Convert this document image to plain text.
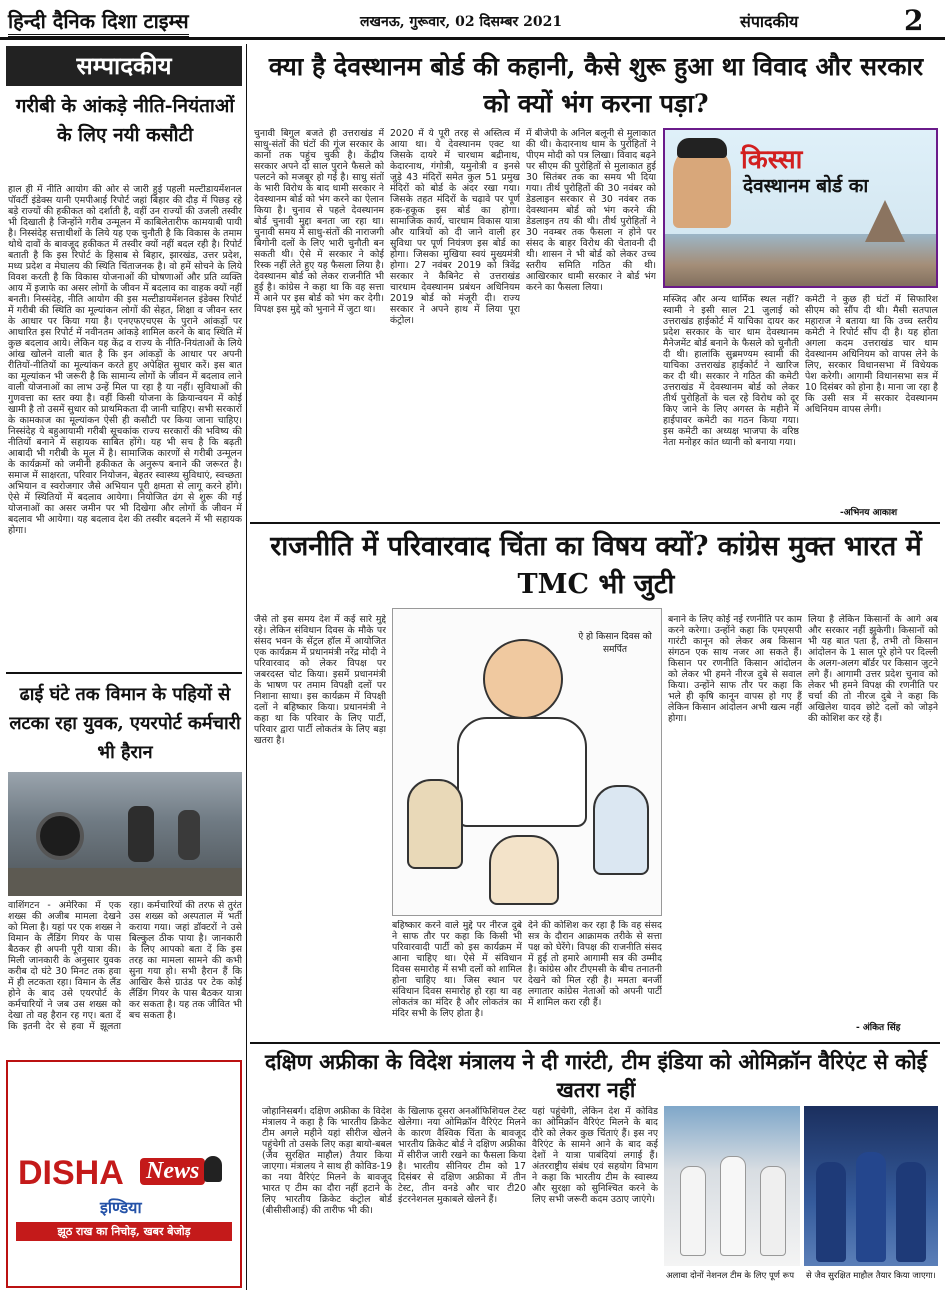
हिन्दी दैनिक दिशा टाइम्स	लखनऊ, गुरूवार, 02 दिसम्बर 2021	संपादकीय	2
सम्पादकीय
गरीबी के आंकड़े नीति-नियंताओं के लिए नयी कसौटी
हाल ही में नीति आयोग की ओर से जारी हुई पहली मल्टीडायमेंशनल पॉवर्टी इंडेक्स यानी एमपीआई रिपोर्ट जहां बिहार की दौड़ में पिछड़ रहे बड़े राज्यों की हकीकत को दर्शाती है, वहीं उन राज्यों की उजली तस्वीर भी दिखाती है जिन्होंने गरीब उन्मूलन में काबिलेतारीफ कामयाबी पायी है। निस्संदेह सत्ताधीशों के लिये यह एक चुनौती है कि विकास के तमाम थोथे दावों के बावजूद हकीकत में तस्वीर क्यों नहीं बदल रही है। रिपोर्ट बताती है कि इस रिपोर्ट के हिसाब से बिहार, झारखंड, उत्तर प्रदेश, मध्य प्रदेश व मेघालय की स्थिति चिंताजनक है। वो हमें सोचने के लिये विवश करती है कि विकास योजनाओं की घोषणाओं और प्रति व्यक्ति आय में इजाफे का असर लोगों के जीवन में बदलाव का वाहक क्यों नहीं बनती। निस्संदेह, नीति आयोग की इस मल्टीडायमेंशनल इंडेक्स रिपोर्ट में गरीबी की स्थिति का मूल्यांकन लोगों की सेहत, शिक्षा व जीवन स्तर के आधार पर किया गया है। एनएफएचएस के पुराने आंकड़ों पर आधारित इस रिपोर्ट में नवीनतम आंकड़े शामिल करने के बाद स्थिति में कुछ बदलाव आये। लेकिन यह केंद्र व राज्य के नीति-नियंताओं के लिये आंख खोलने वाली बात है कि इन आंकड़ों के आधार पर अपनी रीतियों-नीतियों का मूल्यांकन करते हुए अपेक्षित सुधार करें। इस बात का मूल्यांकन भी जरूरी है कि सामान्य लोगों के जीवन में बदलाव लाने वाली योजनाओं का लाभ उन्हें मिल पा रहा है या नहीं। सुविधाओं की गुणवत्ता का स्तर क्या है। वहीं किसी योजना के क्रियान्वयन में कोई खामी है तो उसमें सुधार को प्राथमिकता दी जानी चाहिए। सभी सरकारों के कामकाज का मूल्यांकन ऐसी ही कसौटी पर किया जाना चाहिए। निस्संदेह ये बहुआयामी गरीबी सूचकांक राज्य सरकारों की भविष्य की नीतियों बनाने में सहायक साबित होंगे। यह भी सच है कि बढ़ती आबादी भी गरीबी के मूल में है। सामाजिक कारणों से गरीबी उन्मूलन के कार्यक्रमों को जमीनी हकीकत के अनुरूप बनाने की जरूरत है। समाज में साक्षरता, परिवार नियोजन, बेहतर स्वास्थ्य सुविधाएं, स्वच्छता अभियान व स्वरोजगार जैसे अभियान पूरी क्षमता से लागू करने होंगे। ऐसे में स्थितियों में बदलाव आयेगा। नियोजित ढंग से शुरू की गई योजनाओं का असर जमीन पर भी दिखेगा और लोगों के जीवन में बदलाव भी आयेगा। यह बदलाव देश की तस्वीर बदलने में भी सहायक होगा।
ढाई घंटे तक विमान के पहियों से लटका रहा युवक, एयरपोर्ट कर्मचारी भी हैरान
वाशिंगटन - अमेरिका में एक शख्स की अजीब मामला देखने को मिला है। यहां पर एक शख्स ने विमान के लैंडिंग गियर के पास बैठकर ही अपनी पूरी यात्रा की। मिली जानकारी के अनुसार युवक करीब दो घंटे 30 मिनट तक हवा में ही लटकता रहा। विमान के लैंड होने के बाद उसे एयरपोर्ट के कर्मचारियों ने जब उस शख्स को देखा तो वह हैरान रह गए। बता दें कि इतनी देर से हवा में झूलता रहा। कर्मचारियों की तरफ से तुरंत उस शख्स को अस्पताल में भर्ती कराया गया। जहां डॉक्टरों ने उसे बिल्कुल ठीक पाया है। जानकारी के लिए आपको बता दें कि इस तरह का मामला सामने की कभी सुना गया हो। सभी हैरान हैं कि आखिर कैसे ग्राउंड पर टेक कोई लैंडिंग गियर के पास बैठकर यात्रा कर सकता है। यह तक जीवित भी बच सकता है।
DISHA News
इण्डिया
झूठ राख का निचोड़, खबर बेजोड़
क्या है देवस्थानम बोर्ड की कहानी, कैसे शुरू हुआ था विवाद और सरकार को क्यों भंग करना पड़ा?
चुनावी बिगुल बजते ही उत्तराखंड में साधु-संतों की घंटों की गूंज सरकार के कानों तक पहुंच चुकी है। केंद्रीय सरकार अपने दो साल पुराने फैसले को पलटने को मजबूर हो गई है। साधु संतों के भारी विरोध के बाद धामी सरकार ने देवस्थानम बोर्ड को भंग करने का ऐलान किया है। चुनाव से पहले देवस्थानम बोर्ड चुनावी मुद्दा बनता जा रहा था। चुनावी समय में साधु-संतों की नाराजगी बिगोनी दलों के लिए भारी चुनौती बन सकती थी। ऐसे में सरकार ने कोई रिस्क नहीं लेते हुए यह फैसला लिया है। देवस्थानम बोर्ड को लेकर राजनीति भी हुई है। कांग्रेस ने कहा था कि वह सत्ता में आने पर इस बोर्ड को भंग कर देगी। विपक्ष इस मुद्दे को भुनाने में जुटा था।
2020 में ये पूरी तरह से अस्तित्व में आया था। ये देवस्थानम एक्ट था जिसके दायरे में चारधाम बद्रीनाथ, केदारनाथ, गंगोत्री, यमुनोत्री व इनसे जुड़े 43 मंदिरों समेत कुल 51 प्रमुख मंदिरों को बोर्ड के अंदर रखा गया। जिसके तहत मंदिरों के चढ़ावे पर पूर्ण हक-हकूक इस बोर्ड का होगा। सामाजिक कार्य, चारधाम विकास यात्रा और यात्रियों को दी जाने वाली हर सुविधा पर पूर्ण नियंत्रण इस बोर्ड का होगा। जिसका मुखिया स्वयं मुख्यमंत्री होगा। 27 नवंबर 2019 को त्रिवेंद्र सरकार ने कैबिनेट से उत्तराखंड चारधाम देवस्थानम प्रबंधन अधिनियम 2019 बोर्ड को मंजूरी दी। राज्य सरकार ने अपने हाथ में लिया पूरा कंट्रोल।
में बीजेपी के अनिल बलूनी से मुलाकात की थी। केदारनाथ धाम के पुरोहितों ने पीएम मोदी को पत्र लिखा। विवाद बढ़ने पर सीएम की पुरोहितों से मुलाकात हुई 30 सितंबर तक का समय भी दिया गया। तीर्थ पुरोहितों की 30 नवंबर को डेडलाइन सरकार से 30 नवंबर तक देवस्थानम बोर्ड को भंग करने की डेडलाइन तय की थी। तीर्थ पुरोहितों ने 30 नवम्बर तक फैसला न होने पर संसद के बाहर विरोध की चेतावनी दी थी। शासन ने भी बोर्ड को लेकर उच्च स्तरीय समिति गठित की थी। आखिरकार धामी सरकार ने बोर्ड भंग करने का फैसला लिया।
किस्सा
देवस्थानम बोर्ड का
मस्जिद और अन्य धार्मिक स्थल नहीं? स्वामी ने इसी साल 21 जुलाई को उत्तराखंड हाईकोर्ट में याचिका दायर कर प्रदेश सरकार के चार धाम देवस्थानम मैनेजमेंट बोर्ड बनाने के फैसले को चुनौती दी थी। हालांकि सुब्रमण्यम स्वामी की याचिका उत्तराखंड हाईकोर्ट ने खारिज कर दी थी। सरकार ने गठित की कमेटी उत्तराखंड में देवस्थानम बोर्ड को लेकर तीर्थ पुरोहितों के चल रहे विरोध को दूर किए जाने के लिए अगस्त के महीने में हाईपावर कमेटी का गठन किया गया। इस कमेटी का अध्यक्ष भाजपा के वरिष्ठ नेता मनोहर कांत ध्यानी को बनाया गया।
कमेटी ने कुछ ही घंटों में सिफारिश सीएम को सौंप दी थी। मैसी सतपाल महाराज ने बताया था कि उच्च स्तरीय कमेटी ने रिपोर्ट सौंप दी है। यह होता अगला कदम उत्तराखंड चार धाम देवस्थानम अधिनियम को वापस लेने के लिए, सरकार विधानसभा में विधेयक पेश करेगी। आगामी विधानसभा सत्र में 10 दिसंबर को होना है। माना जा रहा है कि उसी सत्र में सरकार देवस्थानम अधिनियम वापस लेगी।
-अभिनय आकाश
राजनीति में परिवारवाद चिंता का विषय क्यों? कांग्रेस मुक्त भारत में TMC भी जुटी
जैसे तो इस समय देश में कई सारे मुद्दे रहे। लेकिन संविधान दिवस के मौके पर संसद भवन के सेंट्रल हॉल में आयोजित एक कार्यक्रम में प्रधानमंत्री नरेंद्र मोदी ने परिवारवाद को लेकर विपक्ष पर जबरदस्त चोट किया। इसमें प्रधानमंत्री के भाषण पर तमाम विपक्षी दलों पर निशाना साधा। इस कार्यक्रम में विपक्षी दलों ने बहिष्कार किया। प्रधानमंत्री ने कहा था कि परिवार के लिए पार्टी, परिवार द्वारा पार्टी लोकतंत्र के लिए बड़ा खतरा है।
ऐ हो किसान दिवस को समर्पित
बहिष्कार करने वाले मुद्दे पर नीरज दुबे ने साफ तौर पर कहा कि किसी भी परिवारवादी पार्टी को इस कार्यक्रम में आना चाहिए था। ऐसे में संविधान दिवस समारोह में सभी दलों को शामिल होना चाहिए था। जिस स्थान पर संविधान दिवस समारोह हो रहा था वह लोकतंत्र का मंदिर है और लोकतंत्र का मंदिर सभी के लिए होता है।
देने की कोशिश कर रहा है कि वह संसद सत्र के दौरान आक्रामक तरीके से सत्ता पक्ष को घेरेंगे। विपक्ष की राजनीति संसद में हुई तो हमारे आगामी सत्र की उम्मीद है। कांग्रेस और टीएमसी के बीच तनातनी देखने को मिल रही है। ममता बनर्जी लगातार कांग्रेस नेताओं को अपनी पार्टी में शामिल करा रही हैं।
बनाने के लिए कोई नई रणनीति पर काम करने करेगा। उन्होंने कहा कि एमएसपी गारंटी कानून को लेकर अब किसान संगठन एक साथ नजर आ सकते हैं। किसान पर रणनीति किसान आंदोलन को लेकर भी हमने नीरज दुबे से सवाल किया। उन्होंने साफ तौर पर कहा कि भले ही कृषि कानून वापस हो गए हैं लेकिन किसान आंदोलन अभी खत्म नहीं होगा।
लिया है लेकिन किसानों के आगे अब और सरकार नहीं झुकेगी। किसानों को भी यह बात पता है, तभी तो किसान आंदोलन के 1 साल पूरे होने पर दिल्ली के अलग-अलग बॉर्डर पर किसान जुटने लगे हैं। आगामी उत्तर प्रदेश चुनाव को लेकर भी हमने विपक्ष की रणनीति पर चर्चा की तो नीरज दुबे ने कहा कि अखिलेश यादव छोटे दलों को जोड़ने की कोशिश कर रहे हैं।
- अंकित सिंह
दक्षिण अफ्रीका के विदेश मंत्रालय ने दी गारंटी, टीम इंडिया को ओमिक्रॉन वैरिएंट से कोई खतरा नहीं
जोहानिसबर्ग। दक्षिण अफ्रीका के विदेश मंत्रालय ने कहा है कि भारतीय क्रिकेट टीम अगले महीने यहां सीरीज खेलने पहुंचेगी तो उसके लिए कड़ा बायो-बबल (जैव सुरक्षित माहौल) तैयार किया जाएगा। मंत्रालय ने साथ ही कोविड-19 का नया वैरिएंट मिलने के बावजूद भारत ए टीम का दौरा नहीं हटाने के लिए भारतीय क्रिकेट कंट्रोल बोर्ड (बीसीसीआई) की तारीफ भी की।
के खिलाफ दूसरा अनऑफिशियल टेस्ट खेलेगा। नया ओमिक्रॉन वैरिएंट मिलने के कारण वैश्विक चिंता के बावजूद भारतीय क्रिकेट बोर्ड ने दक्षिण अफ्रीका में सीरीज जारी रखने का फैसला किया है। भारतीय सीनियर टीम को 17 दिसंबर से दक्षिण अफ्रीका में तीन टेस्ट, तीन वनडे और चार टी20 इंटरनेशनल मुकाबले खेलने हैं।
यहां पहुंचेगी, लेकिन देश में कोविड का ओमिक्रॉन वैरिएंट मिलने के बाद दौरे को लेकर कुछ चिंताएं हैं। इस नए वैरिएंट के सामने आने के बाद कई देशों ने यात्रा पाबंदियां लगाई हैं। अंतरराष्ट्रीय संबंध एवं सहयोग विभाग ने कहा कि भारतीय टीम के स्वास्थ्य और सुरक्षा को सुनिश्चित करने के लिए सभी जरूरी कदम उठाए जाएंगे।
अलावा दोनों नेशनल टीम के लिए पूर्ण रूप	से जैव सुरक्षित माहौल तैयार किया जाएगा।
